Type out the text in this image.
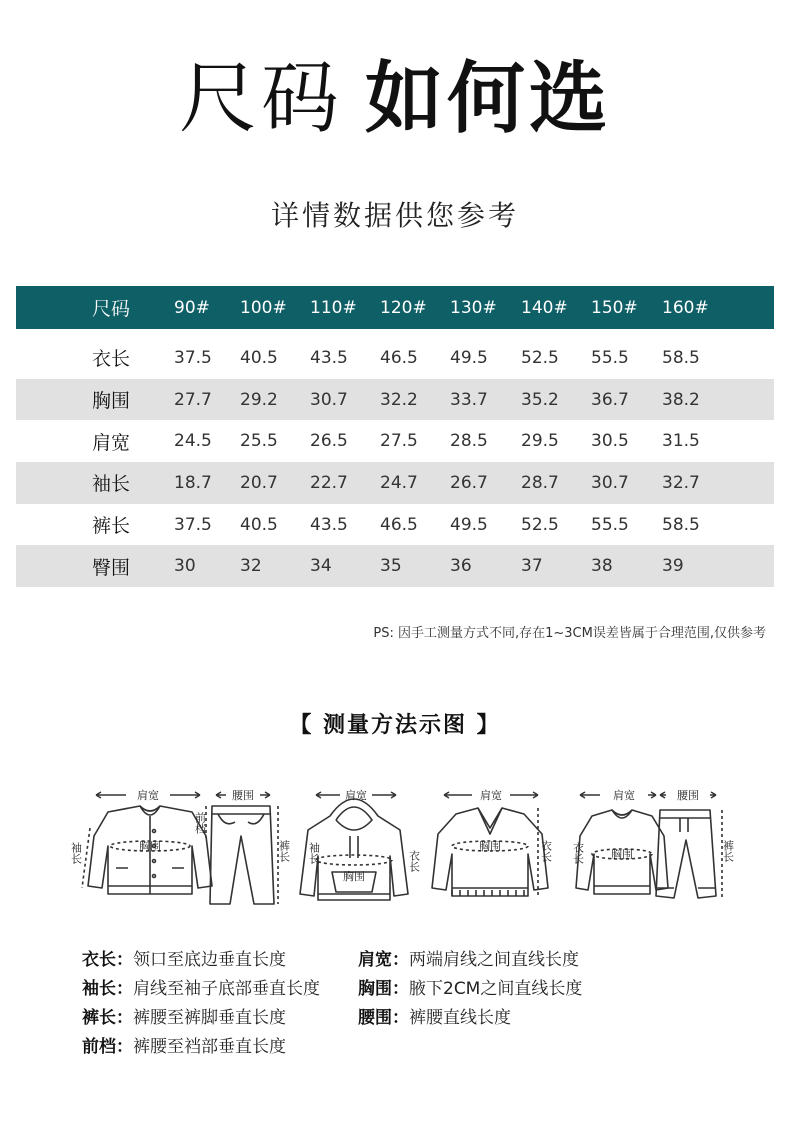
尺码 如何选
详情数据供您参考
尺码	90# 100# 110# 120# 130# 140# 150# 160#
衣长	37.5 40.5 43.5 46.5 49.5 52.5 55.5 58.5
胸围	27.7 29.2 30.7 32.2 33.7 35.2 36.7 38.2
肩宽	24.5 25.5 26.5 27.5 28.5 29.5 30.5 31.5
袖长	18.7 20.7 22.7 24.7 26.7 28.7 30.7 32.7
裤长	37.5 40.5 43.5 46.5 49.5 52.5 55.5 58.5
臀围	30	32	34	35	36	37	38	39
PS: 因手工测量方式不同,存在1~3CM误差皆属于合理范围,仅供参考
【 测量方法示图 】
肩宽	腰围	肩宽	肩宽	肩宽	腰围
胸围
胸围
胸围
胸围
袖长
前档
裤长 袖长	衣长	衣长 衣长	裤长
衣长：领口至底边垂直长度
袖长：肩线至袖子底部垂直长度
裤长：裤腰至裤脚垂直长度
前档：裤腰至裆部垂直长度
肩宽：两端肩线之间直线长度
胸围：腋下2CM之间直线长度
腰围：裤腰直线长度
